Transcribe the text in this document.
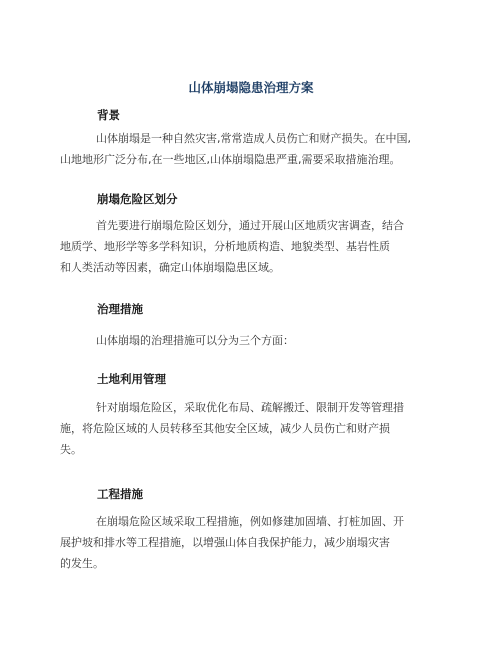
山体崩塌隐患治理方案
背景
山体崩塌是一种自然灾害,常常造成人员伤亡和财产损失。在中国,
山地地形广泛分布,在一些地区,山体崩塌隐患严重,需要采取措施治理。
崩塌危险区划分
首先要进行崩塌危险区划分，通过开展山区地质灾害调查，结合
地质学、地形学等多学科知识，分析地质构造、地貌类型、基岩性质
和人类活动等因素，确定山体崩塌隐患区域。
治理措施
山体崩塌的治理措施可以分为三个方面：
土地利用管理
针对崩塌危险区，采取优化布局、疏解搬迁、限制开发等管理措
施，将危险区域的人员转移至其他安全区域，减少人员伤亡和财产损
失。
工程措施
在崩塌危险区域采取工程措施，例如修建加固墙、打桩加固、开
展护坡和排水等工程措施，以增强山体自我保护能力，减少崩塌灾害
的发生。
